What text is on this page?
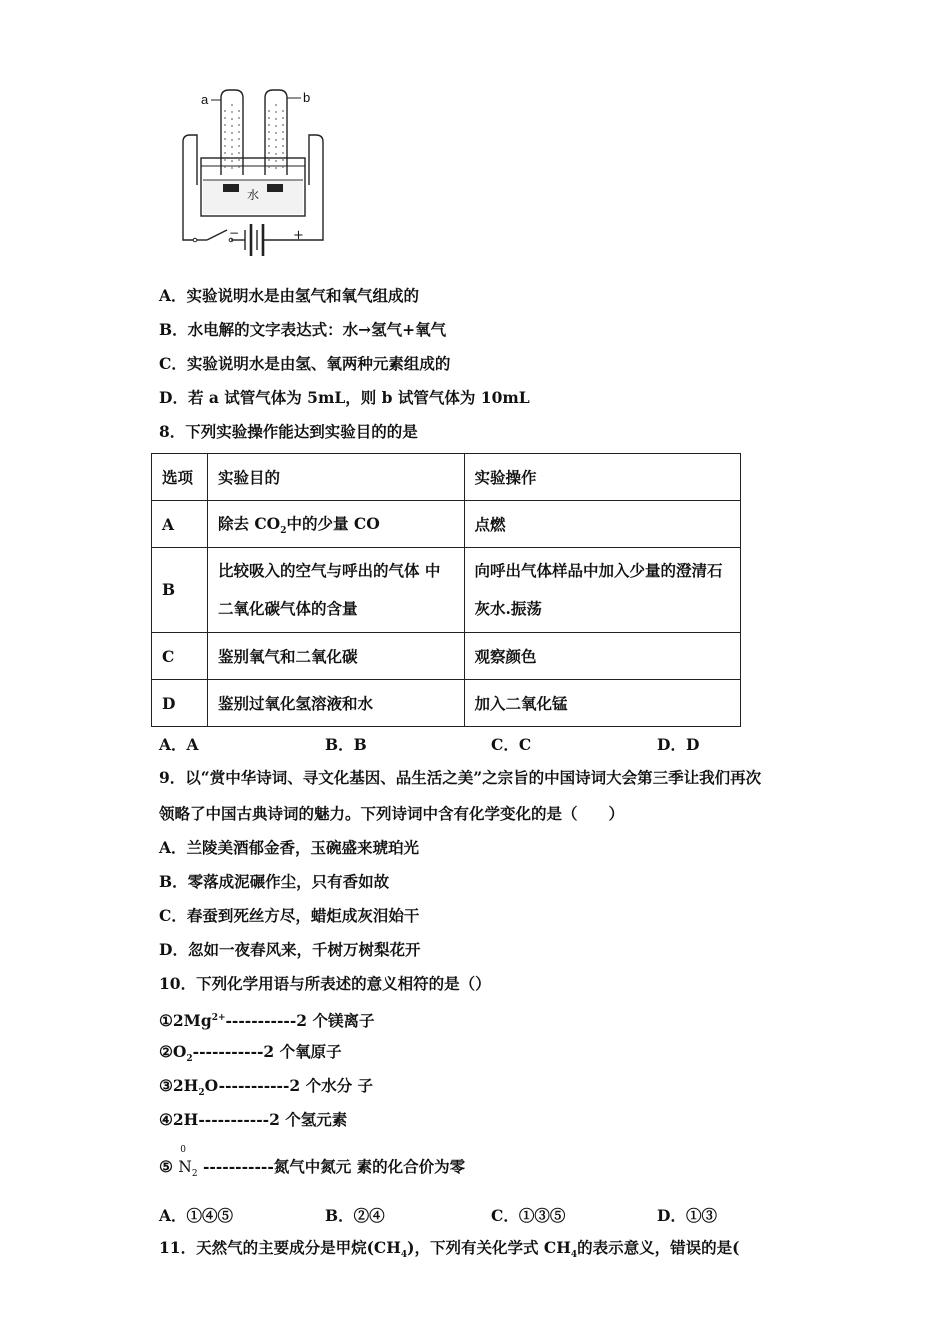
a	b
水
−	+
A．实验说明水是由氢气和氧气组成的
B．水电解的文字表达式：水→氢气+氧气
C．实验说明水是由氢、氧两种元素组成的
D．若 a 试管气体为 5mL，则 b 试管气体为 10mL
8．下列实验操作能达到实验目的的是
选项	实验目的	实验操作
A	除去 $CO_2$中的少量 CO	点燃
B	比较吸入的空气与呼出的气体 中二氧化碳气体的含量	向呼出气体样品中加入少量的澄清石灰水.振荡
C	鉴别氧气和二氧化碳	观察颜色
D	鉴别过氧化氢溶液和水	加入二氧化锰
A．A	B．B	C．C	D．D
9．以“赏中华诗词、寻文化基因、品生活之美”之宗旨的中国诗词大会第三季让我们再次
领略了中国古典诗词的魅力。下列诗词中含有化学变化的是（　　）
A．兰陵美酒郁金香，玉碗盛来琥珀光
B．零落成泥碾作尘，只有香如故
C．春蚕到死丝方尽，蜡炬成灰泪始干
D．忽如一夜春风来，千树万树梨花开
10．下列化学用语与所表述的意义相符的是（）
$①2Mg^{2+}-----------2$ 个镁离子
$②O_2-----------2$ 个氧原子
$③2H_2O-----------2$ 个水分 子
④2H-----------2 个氢元素
⑤
0
$N_2$ -----------氮气中氮元 素的化合价为零
A．①④⑤	B．②④	C．①③⑤	D．①③
11．天然气的主要成分是甲烷$(CH_4)$，下列有关化学式 $CH_4$的表示意义，错误的是(
